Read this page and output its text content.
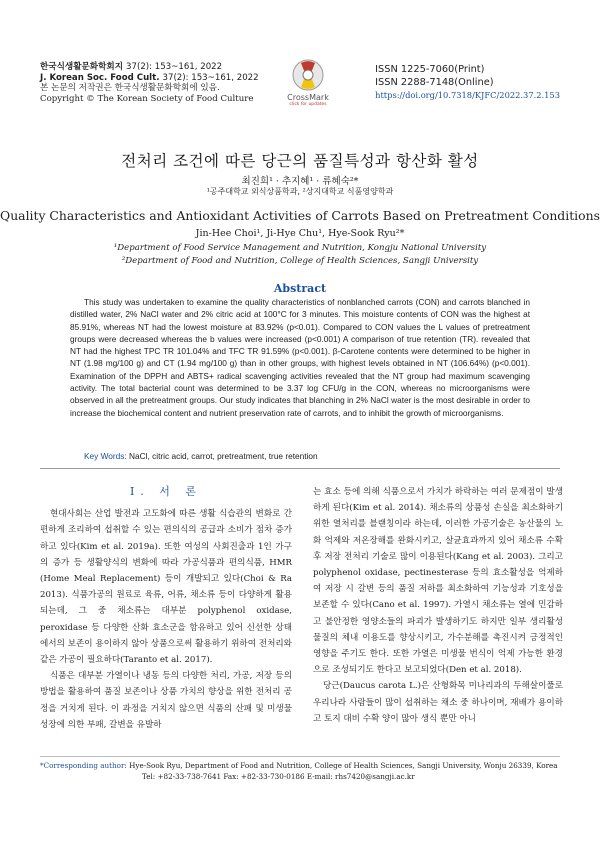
한국식생활문화학회지 37(2): 153~161, 2022
J. Korean Soc. Food Cult. 37(2): 153~161, 2022
본 논문의 저작권은 한국식생활문화학회에 있음.
Copyright © The Korean Society of Food Culture	CrossMark
click for updates
ISSN 1225-7060(Print)
ISSN 2288-7148(Online)
https://doi.org/10.7318/KJFC/2022.37.2.153
전처리 조건에 따른 당근의 품질특성과 항산화 활성
최진희¹ · 추지혜¹ · 류혜숙²*
¹공주대학교 외식상품학과, ²상지대학교 식품영양학과
Quality Characteristics and Antioxidant Activities of Carrots Based on Pretreatment Conditions
Jin-Hee Choi¹, Ji-Hye Chu¹, Hye-Sook Ryu²*
¹Department of Food Service Management and Nutrition, Kongju National University
²Department of Food and Nutrition, College of Health Sciences, Sangji University
Abstract
This study was undertaken to examine the quality characteristics of nonblanched carrots (CON) and carrots blanched in distilled water, 2% NaCl water and 2% citric acid at 100°C for 3 minutes. This moisture contents of CON was the highest at 85.91%, whereas NT had the lowest moisture at 83.92% (p<0.01). Compared to CON values the L values of pretreatment groups were decreased whereas the b values were increased (p<0.001) A comparison of true retention (TR). revealed that NT had the highest TPC TR 101.04% and TFC TR 91.59% (p<0.001). β-Carotene contents were determined to be higher in NT (1.98 mg/100 g) and CT (1.94 mg/100 g) than in other groups, with highest levels obtained in NT (106.64%) (p<0.001). Examination of the DPPH and ABTS+ radical scavenging activities revealed that the NT group had maximum scavenging activity. The total bacterial count was determined to be 3.37 log CFU/g in the CON, whereas no microorganisms were observed in all the pretreatment groups. Our study indicates that blanching in 2% NaCl water is the most desirable in order to increase the biochemical content and nutrient preservation rate of carrots, and to inhibit the growth of microorganisms.
Key Words: NaCl, citric acid, carrot, pretreatment, true retention
I. 서 론

현대사회는 산업 발전과 고도화에 따른 생활 식습관의 변화로 간편하게 조리하여 섭취할 수 있는 편의식의 공급과 소비가 점차 증가하고 있다(Kim et al. 2019a). 또한 여성의 사회진출과 1인 가구의 증가 등 생활양식의 변화에 따라 가공식품과 편의식품, HMR (Home Meal Replacement) 등이 개발되고 있다(Choi & Ra 2013). 식품가공의 원료로 육류, 어류, 채소류 등이 다양하게 활용되는데, 그 중 채소류는 대부분 polyphenol oxidase, peroxidase 등 다양한 산화 효소군을 함유하고 있어 신선한 상태에서의 보존이 용이하지 않아 상품으로써 활용하기 위하여 전처리와 같은 가공이 필요하다(Taranto et al. 2017).

식품은 대부분 가열이나 냉동 등의 다양한 처리, 가공, 저장 등의 방법을 활용하여 품질 보존이나 상품 가치의 향상을 위한 전처리 공정을 거치게 된다. 이 과정을 거치지 않으면 식품의 산패 및 미생물 성장에 의한 부패, 갈변을 유발하

는 효소 등에 의해 식품으로서 가치가 하락하는 여러 문제점이 발생하게 된다(Kim et al. 2014). 채소류의 상품성 손실을 최소화하기 위한 열처리를 블랜칭이라 하는데, 이러한 가공기술은 농산물의 노화 억제와 저온장해를 완화시키고, 살균효과까지 있어 채소류 수확 후 저장 전처리 기술로 많이 이용된다(Kang et al. 2003). 그리고 polyphenol oxidase, pectinesterase 등의 효소활성을 억제하여 저장 시 갈변 등의 품질 저하를 최소화하여 기능성과 기호성을 보존할 수 있다(Cano et al. 1997). 가열시 채소류는 열에 민감하고 불안정한 영양소들의 파괴가 발생하기도 하지만 일부 생리활성물질의 체내 이용도를 향상시키고, 가수분해를 촉진시켜 긍정적인 영향을 주기도 한다. 또한 가열은 미생물 번식이 억제 가능한 환경으로 조성되기도 한다고 보고되었다(Den et al. 2018).

당근(Daucus carota L.)은 산형화목 미나리과의 두해살이풀로 우리나라 사람들이 많이 섭취하는 채소 중 하나이며, 재배가 용이하고 토지 대비 수확 양이 많아 생식 뿐만 아니

*Corresponding author: Hye-Sook Ryu, Department of Food and Nutrition, College of Health Sciences, Sangji University, Wonju 26339, Korea
Tel: +82-33-738-7641 Fax: +82-33-730-0186 E-mail: rhs7420@sangji.ac.kr
